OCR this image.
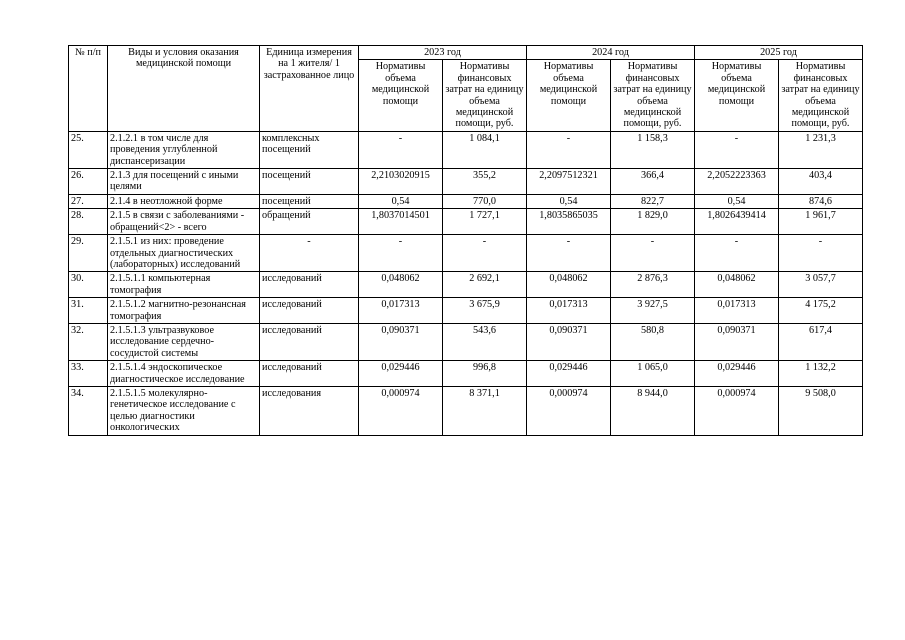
№ п/п	Виды и условия оказания медицинской помощи	Единица измерения на 1 жителя/ 1 застрахованное лицо	2023 год		2024 год		2025 год	
			Нормативы объема медицинской помощи	Нормативы финансовых затрат на единицу объема медицинской помощи, руб.	Нормативы объема медицинской помощи	Нормативы финансовых затрат на единицу объема медицинской помощи, руб.	Нормативы объема медицинской помощи	Нормативы финансовых затрат на единицу объема медицинской помощи, руб.
25.	2.1.2.1 в том числе для проведения углубленной диспансеризации	комплексных посещений	-	1 084,1	-	1 158,3	-	1 231,3
26.	2.1.3 для посещений с иными целями	посещений	2,2103020915	355,2	2,2097512321	366,4	2,2052223363	403,4
27.	2.1.4 в неотложной форме	посещений	0,54	770,0	0,54	822,7	0,54	874,6
28.	2.1.5 в связи с заболеваниями - обращений<2> - всего	обращений	1,8037014501	1 727,1	1,8035865035	1 829,0	1,8026439414	1 961,7
29.	2.1.5.1 из них: проведение отдельных диагностических (лабораторных) исследований	-	-	-	-	-	-	-
30.	2.1.5.1.1 компьютерная томография	исследований	0,048062	2 692,1	0,048062	2 876,3	0,048062	3 057,7
31.	2.1.5.1.2 магнитно-резонансная томография	исследований	0,017313	3 675,9	0,017313	3 927,5	0,017313	4 175,2
32.	2.1.5.1.3 ультразвуковое исследование сердечно-сосудистой системы	исследований	0,090371	543,6	0,090371	580,8	0,090371	617,4
33.	2.1.5.1.4 эндоскопическое диагностическое исследование	исследований	0,029446	996,8	0,029446	1 065,0	0,029446	1 132,2
34.	2.1.5.1.5 молекулярно-генетическое исследование с целью диагностики онкологических	исследования	0,000974	8 371,1	0,000974	8 944,0	0,000974	9 508,0
